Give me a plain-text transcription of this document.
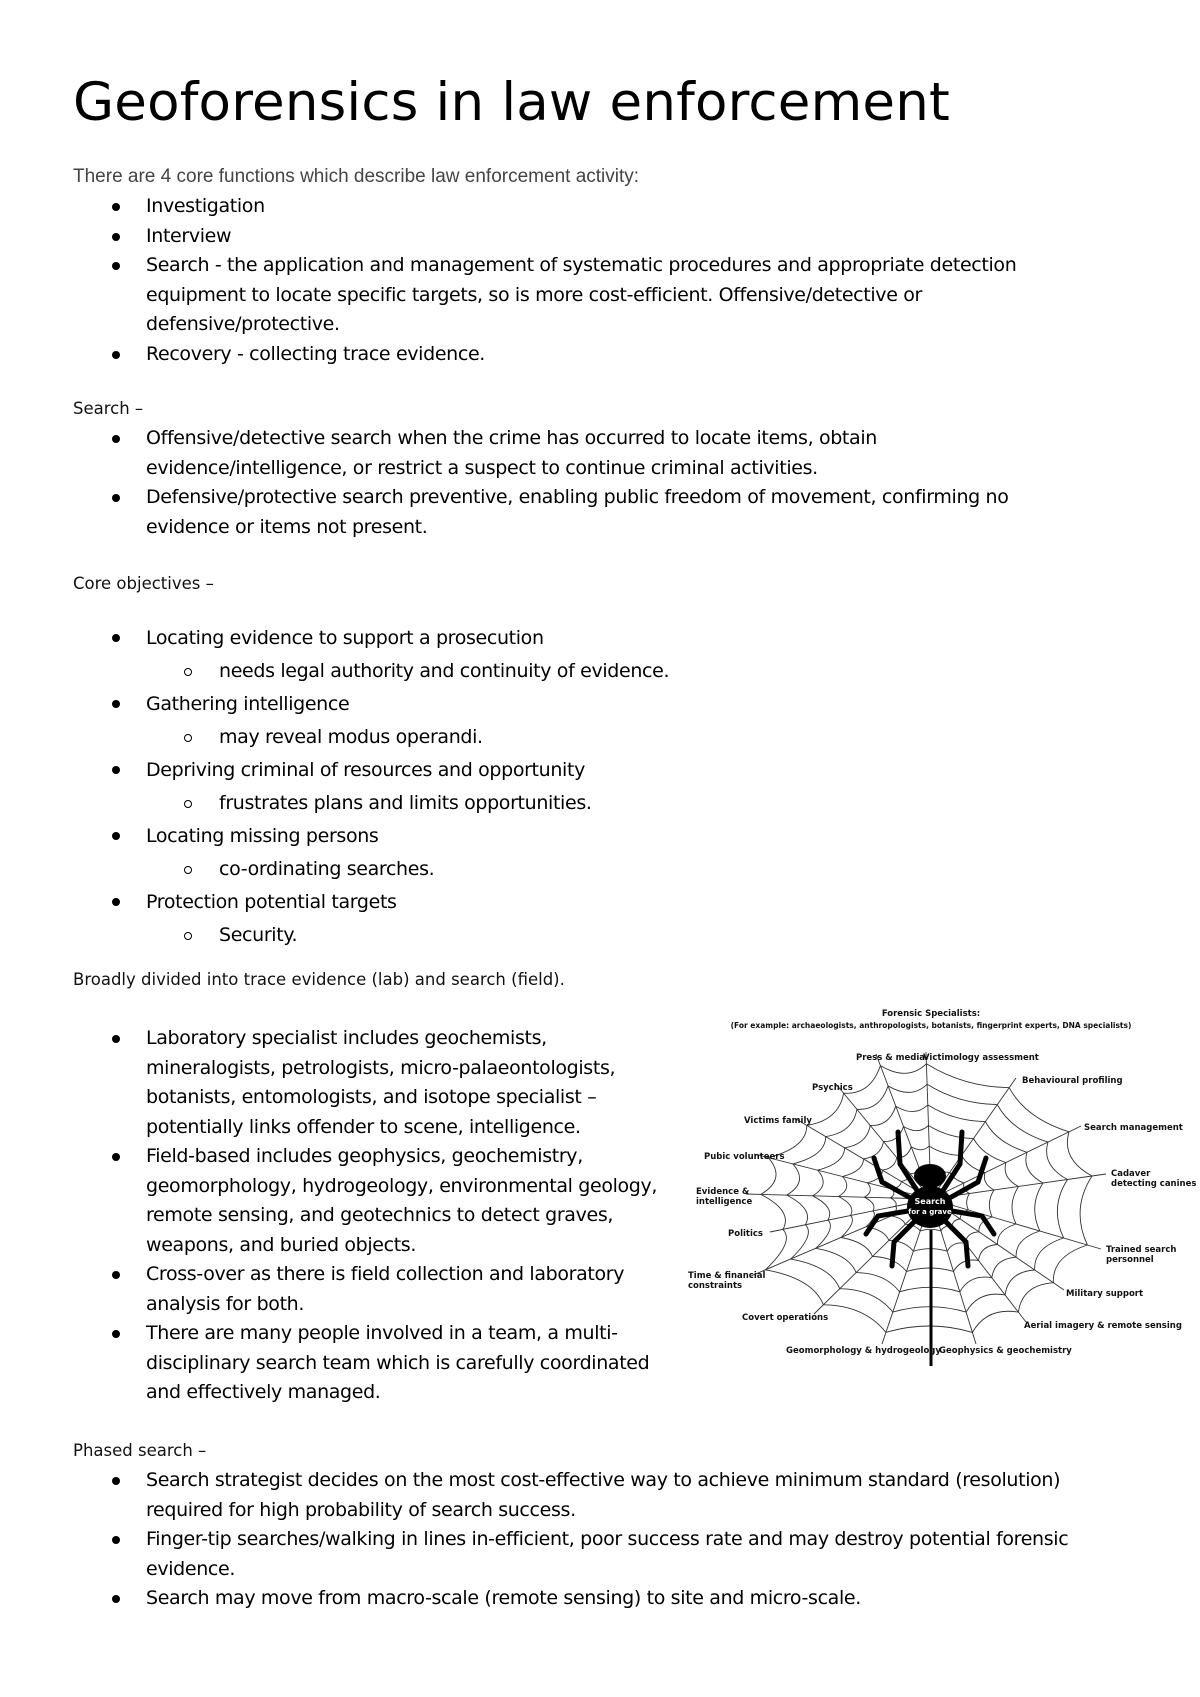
Geoforensics in law enforcement
There are 4 core functions which describe law enforcement activity:
Investigation
Interview
Search - the application and management of systematic procedures and appropriate detection equipment to locate specific targets, so is more cost-efficient. Offensive/detective or defensive/protective.
Recovery - collecting trace evidence.
Search –
Offensive/detective search when the crime has occurred to locate items, obtain evidence/intelligence, or restrict a suspect to continue criminal activities.
Defensive/protective search preventive, enabling public freedom of movement, confirming no evidence or items not present.
Core objectives –
Locating evidence to support a prosecution
needs legal authority and continuity of evidence.
Gathering intelligence
may reveal modus operandi.
Depriving criminal of resources and opportunity
frustrates plans and limits opportunities.
Locating missing persons
co-ordinating searches.
Protection potential targets
Security.
Broadly divided into trace evidence (lab) and search (field).
Laboratory specialist includes geochemists, mineralogists, petrologists, micro-palaeontologists, botanists, entomologists, and isotope specialist – potentially links offender to scene, intelligence.
Field-based includes geophysics, geochemistry, geomorphology, hydrogeology, environmental geology, remote sensing, and geotechnics to detect graves, weapons, and buried objects.
Cross-over as there is field collection and laboratory analysis for both.
There are many people involved in a team, a multi-disciplinary search team which is carefully coordinated and effectively managed.
Search
for a grave
Forensic Specialists:
(For example: archaeologists, anthropologists, botanists, fingerprint experts, DNA specialists)
Press & media
Victimology assessment
Behavioural profiling
Psychics
Victims family
Search management
Pubic volunteers
Cadaver
detecting canines
Evidence &
intelligence
Politics
Trained search
personnel
Time & financial
constraints
Military support
Covert operations
Aerial imagery & remote sensing
Geomorphology & hydrogeology
Geophysics & geochemistry
Phased search –
Search strategist decides on the most cost-effective way to achieve minimum standard (resolution) required for high probability of search success.
Finger-tip searches/walking in lines in-efficient, poor success rate and may destroy potential forensic evidence.
Search may move from macro-scale (remote sensing) to site and micro-scale.
